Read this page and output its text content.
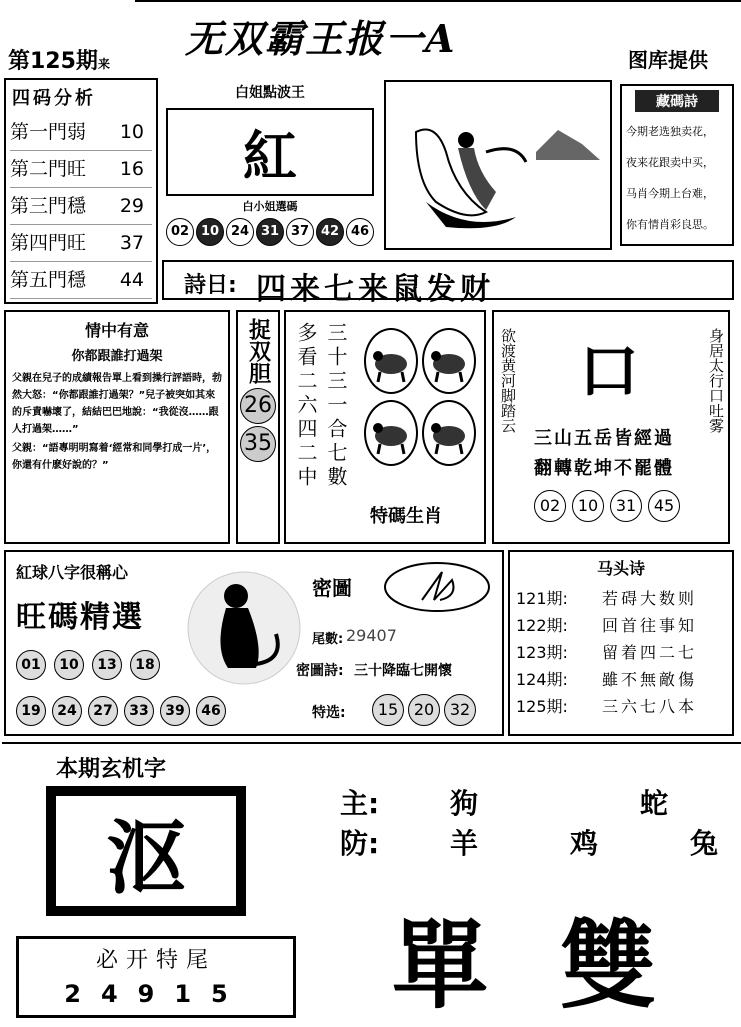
无双霸王报一A
第125期来	图库提供
四码分析
第一門弱 10
第二門旺 16
第三門穩 29
第四門旺 37
第五門穩 44
白姐點波王
紅
白小姐選碼
02 10 24 31 37 42 46
藏碼詩
今期老选独卖花，
夜来花跟卖中买，
马肖今期上台难，
你有情肖彩良思。
詩日: 四来七来鼠发财
情中有意
你都跟誰打過架
父親在兒子的成績報告單上看到操行評語時，勃然大怒：“你都跟誰打過架？”兒子被突如其來的斥責嚇壞了，結結巴巴地說：“我從沒……跟人打過架……”
父親：“語專明明寫着‘經常和同學打成一片’，你還有什麽好說的？”
捉双胆
26
35 多看二六四二中 三十三一合七數
特碼生肖
欲渡黄河脚踏云	身居太行口吐雾
口
三山五岳皆經過
翻轉乾坤不罷體
02	10	31	45
紅球八字很稱心
旺碼精選
01	10	13	18
19	24	27	33	39	46
密圖
尾數: 29407
密圖詩: 三十降臨七開懷
特选:	15 20 32
马头诗
121期:	若碍大数则
122期:	回首往事知
123期:	留着四二七
124期:	雖不無敵傷
125期:	三六七八本
本期玄机字
沤
必开特尾
24915
主:	狗	蛇
防:	羊	鸡	兔
單 雙
